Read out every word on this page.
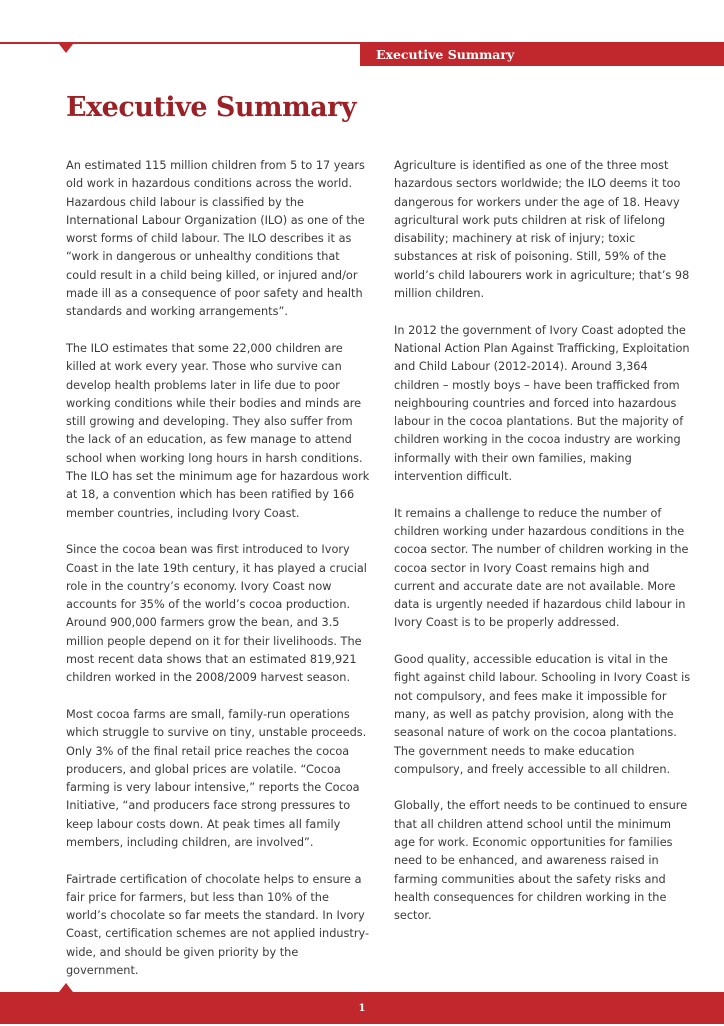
Executive Summary
Executive Summary

An estimated 115 million children from 5 to 17 years old work in hazardous conditions across the world. Hazardous child labour is classified by the International Labour Organization (ILO) as one of the worst forms of child labour. The ILO describes it as “work in dangerous or unhealthy conditions that could result in a child being killed, or injured and/or made ill as a consequence of poor safety and health standards and working arrangements”.

The ILO estimates that some 22,000 children are killed at work every year. Those who survive can develop health problems later in life due to poor working conditions while their bodies and minds are still growing and developing. They also suffer from the lack of an education, as few manage to attend school when working long hours in harsh conditions. The ILO has set the minimum age for hazardous work at 18, a convention which has been ratified by 166 member countries, including Ivory Coast.

Since the cocoa bean was first introduced to Ivory Coast in the late 19th century, it has played a crucial role in the country’s economy. Ivory Coast now accounts for 35% of the world’s cocoa production. Around 900,000 farmers grow the bean, and 3.5 million people depend on it for their livelihoods. The most recent data shows that an estimated 819,921 children worked in the 2008/2009 harvest season.

Most cocoa farms are small, family-run operations which struggle to survive on tiny, unstable proceeds. Only 3% of the final retail price reaches the cocoa producers, and global prices are volatile. “Cocoa farming is very labour intensive,” reports the Cocoa Initiative, “and producers face strong pressures to keep labour costs down. At peak times all family members, including children, are involved”.

Fairtrade certification of chocolate helps to ensure a fair price for farmers, but less than 10% of the world’s chocolate so far meets the standard. In Ivory Coast, certification schemes are not applied industry-wide, and should be given priority by the government.

Agriculture is identified as one of the three most hazardous sectors worldwide; the ILO deems it too dangerous for workers under the age of 18. Heavy agricultural work puts children at risk of lifelong disability; machinery at risk of injury; toxic substances at risk of poisoning. Still, 59% of the world’s child labourers work in agriculture; that’s 98 million children.

In 2012 the government of Ivory Coast adopted the National Action Plan Against Trafficking, Exploitation and Child Labour (2012-2014). Around 3,364 children – mostly boys – have been trafficked from neighbouring countries and forced into hazardous labour in the cocoa plantations. But the majority of children working in the cocoa industry are working informally with their own families, making intervention difficult.

It remains a challenge to reduce the number of children working under hazardous conditions in the cocoa sector. The number of children working in the cocoa sector in Ivory Coast remains high and current and accurate date are not available. More data is urgently needed if hazardous child labour in Ivory Coast is to be properly addressed.

Good quality, accessible education is vital in the fight against child labour. Schooling in Ivory Coast is not compulsory, and fees make it impossible for many, as well as patchy provision, along with the seasonal nature of work on the cocoa plantations. The government needs to make education compulsory, and freely accessible to all children.

Globally, the effort needs to be continued to ensure that all children attend school until the minimum age for work. Economic opportunities for families need to be enhanced, and awareness raised in farming communities about the safety risks and health consequences for children working in the sector.

1
